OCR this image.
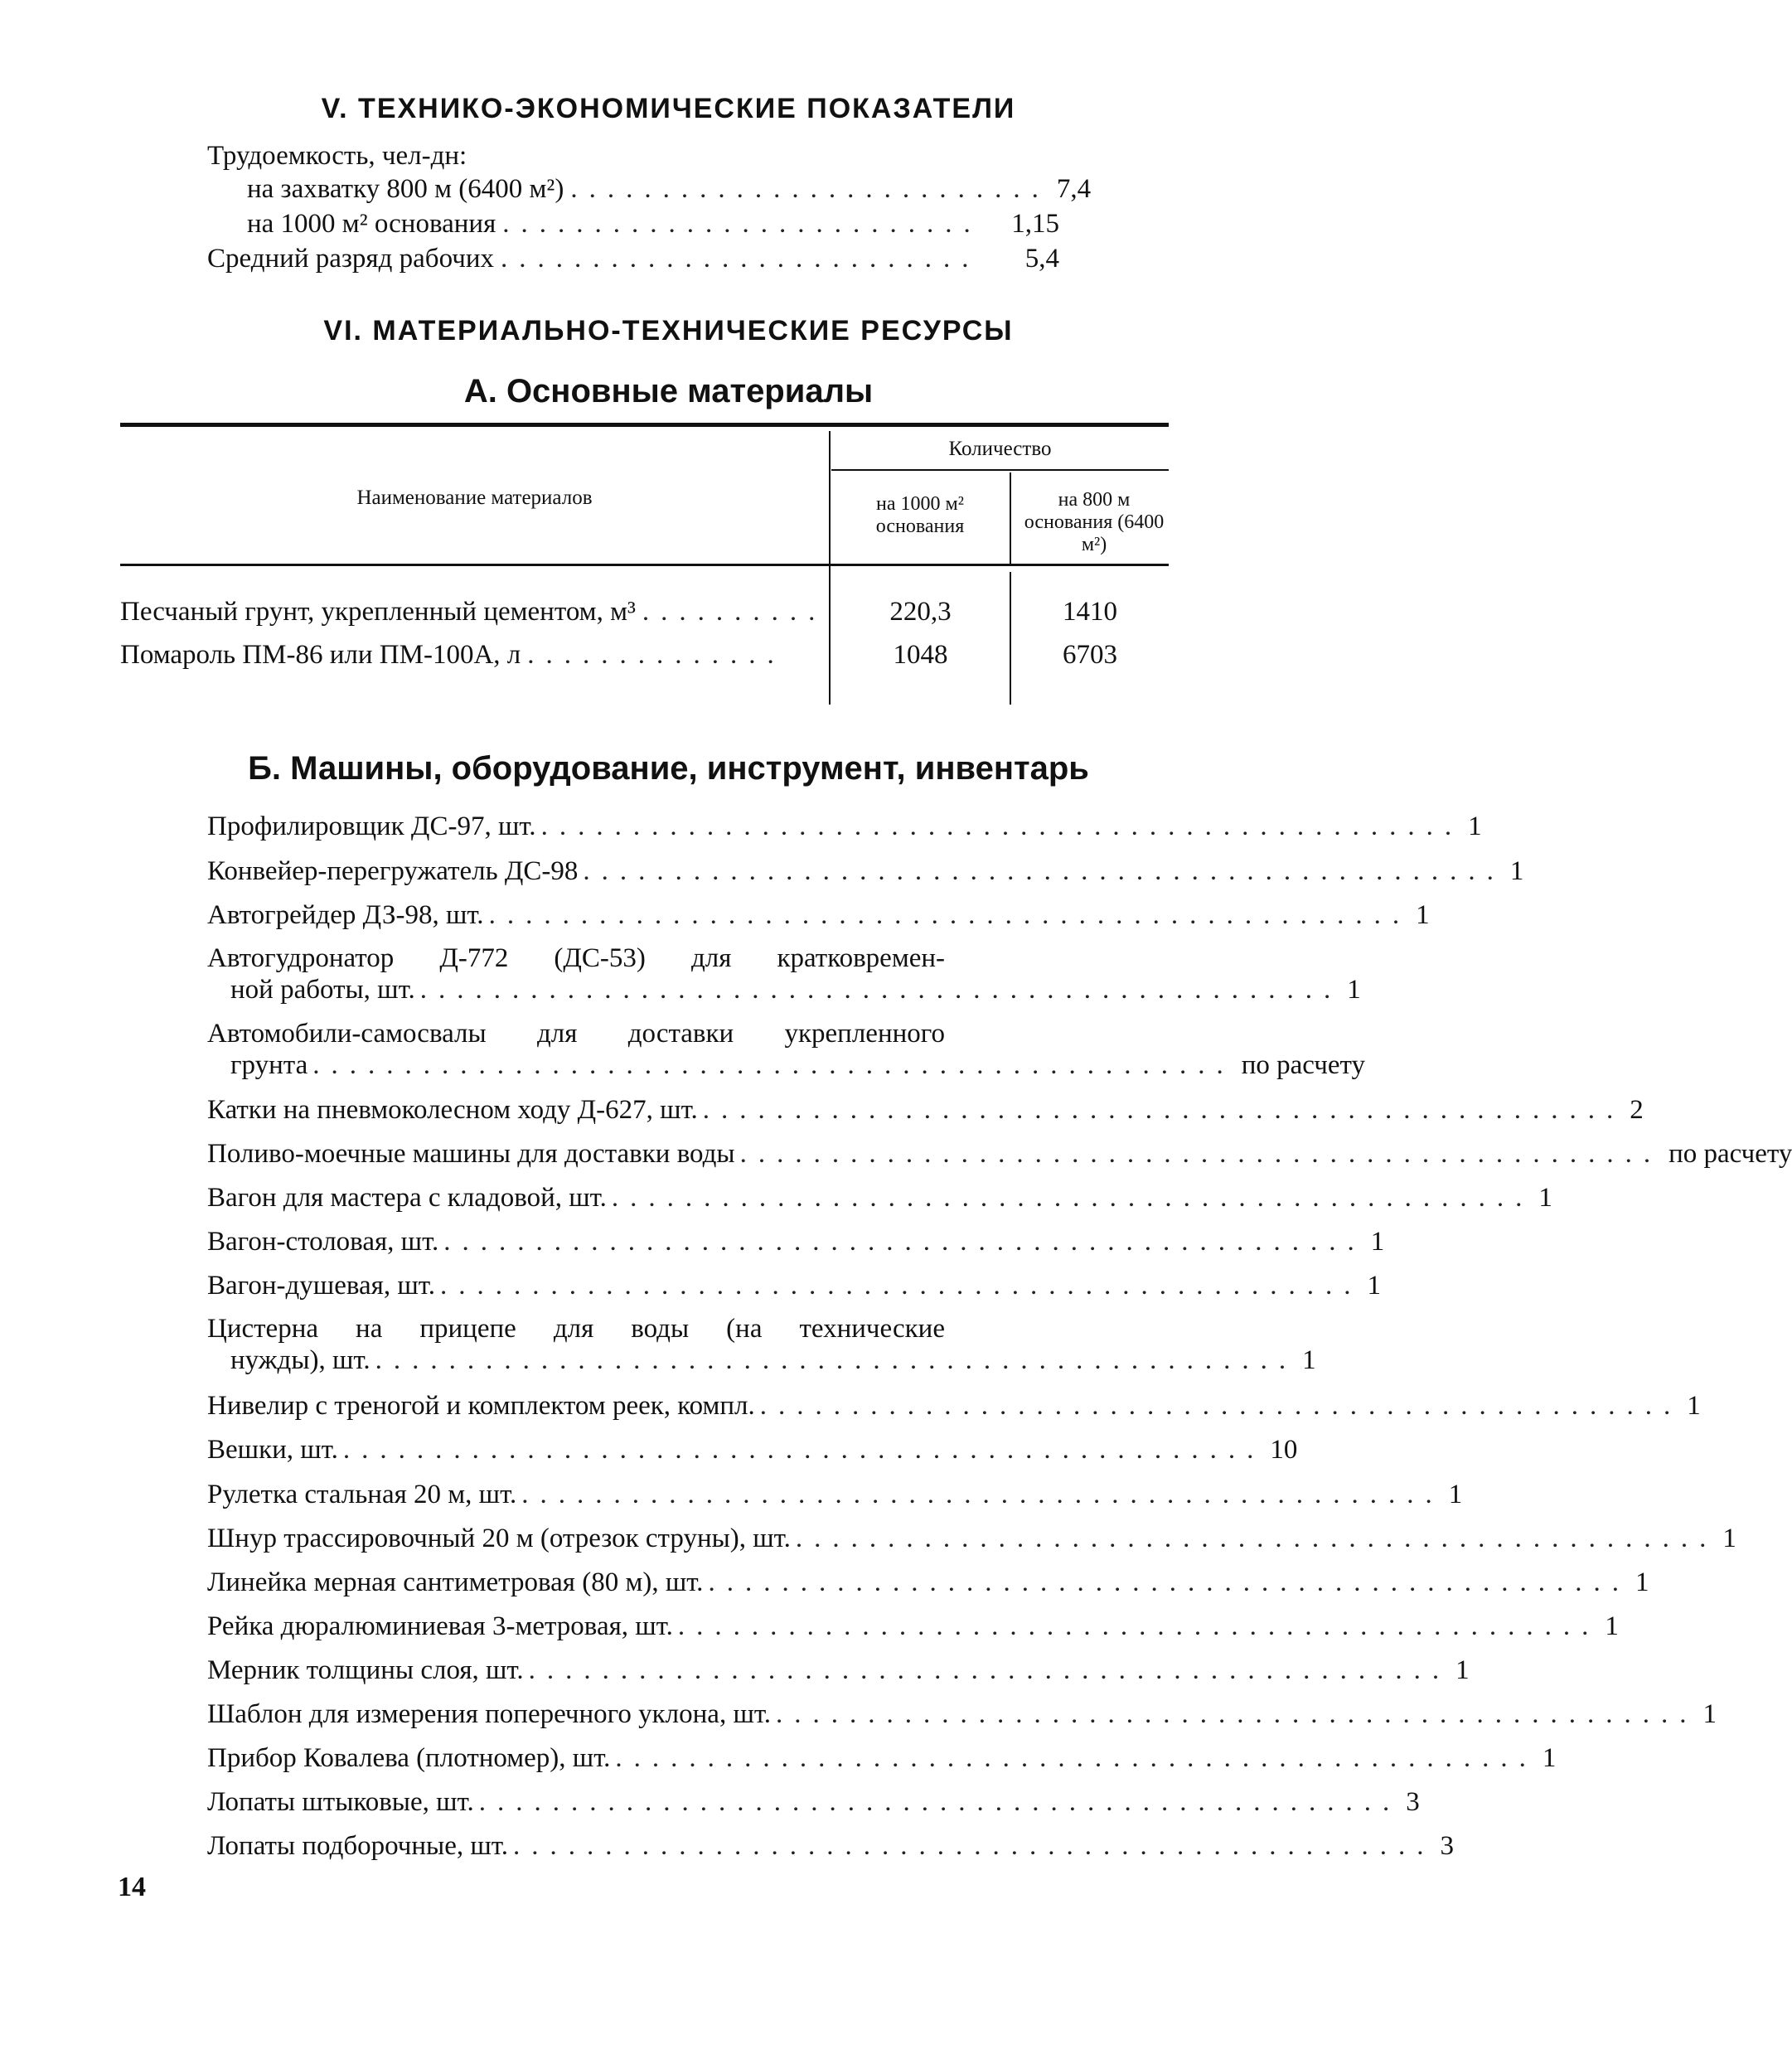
V. ТЕХНИКО-ЭКОНОМИЧЕСКИЕ ПОКАЗАТЕЛИ
Трудоемкость, чел-дн:
на захватку 800 м (6400 м²) .......................... 7,4
на 1000 м² основания ..........................	1,15
Средний разряд рабочих ..........................	5,4
VI. МАТЕРИАЛЬНО-ТЕХНИЧЕСКИЕ РЕСУРСЫ
А. Основные материалы
Наименование материалов
Количество
на 1000 м² основания
на 800 м основания (6400 м²)
Песчаный грунт, укрепленный цементом, м³ ..........	220,3	1410
Помароль ПМ-86 или ПМ-100А, л ..............	1048	6703
Б. Машины, оборудование, инструмент, инвентарь
Профилировщик ДС-97, шт. .................................................. 1
Конвейер-перегружатель ДС-98 .................................................. 1
Автогрейдер ДЗ-98, шт. .................................................. 1
Автогудронатор Д-772 (ДС-53) для кратковремен-
ной работы, шт. .................................................. 1
Автомобили-самосвалы для доставки укрепленного
грунта .................................................. по расчету
Катки на пневмоколесном ходу Д-627, шт. .................................................. 2
Поливо-моечные машины для доставки воды .................................................. по расчету
Вагон для мастера с кладовой, шт. .................................................. 1
Вагон-столовая, шт. .................................................. 1
Вагон-душевая, шт. .................................................. 1
Цистерна на прицепе для воды (на технические
нужды), шт. .................................................. 1
Нивелир с треногой и комплектом реек, компл. .................................................. 1
Вешки, шт. .................................................. 10
Рулетка стальная 20 м, шт. .................................................. 1
Шнур трассировочный 20 м (отрезок струны), шт. .................................................. 1
Линейка мерная сантиметровая (80 м), шт. .................................................. 1
Рейка дюралюминиевая 3-метровая, шт. .................................................. 1
Мерник толщины слоя, шт. .................................................. 1
Шаблон для измерения поперечного уклона, шт. .................................................. 1
Прибор Ковалева (плотномер), шт. .................................................. 1
Лопаты штыковые, шт. .................................................. 3
Лопаты подборочные, шт. .................................................. 3
14
